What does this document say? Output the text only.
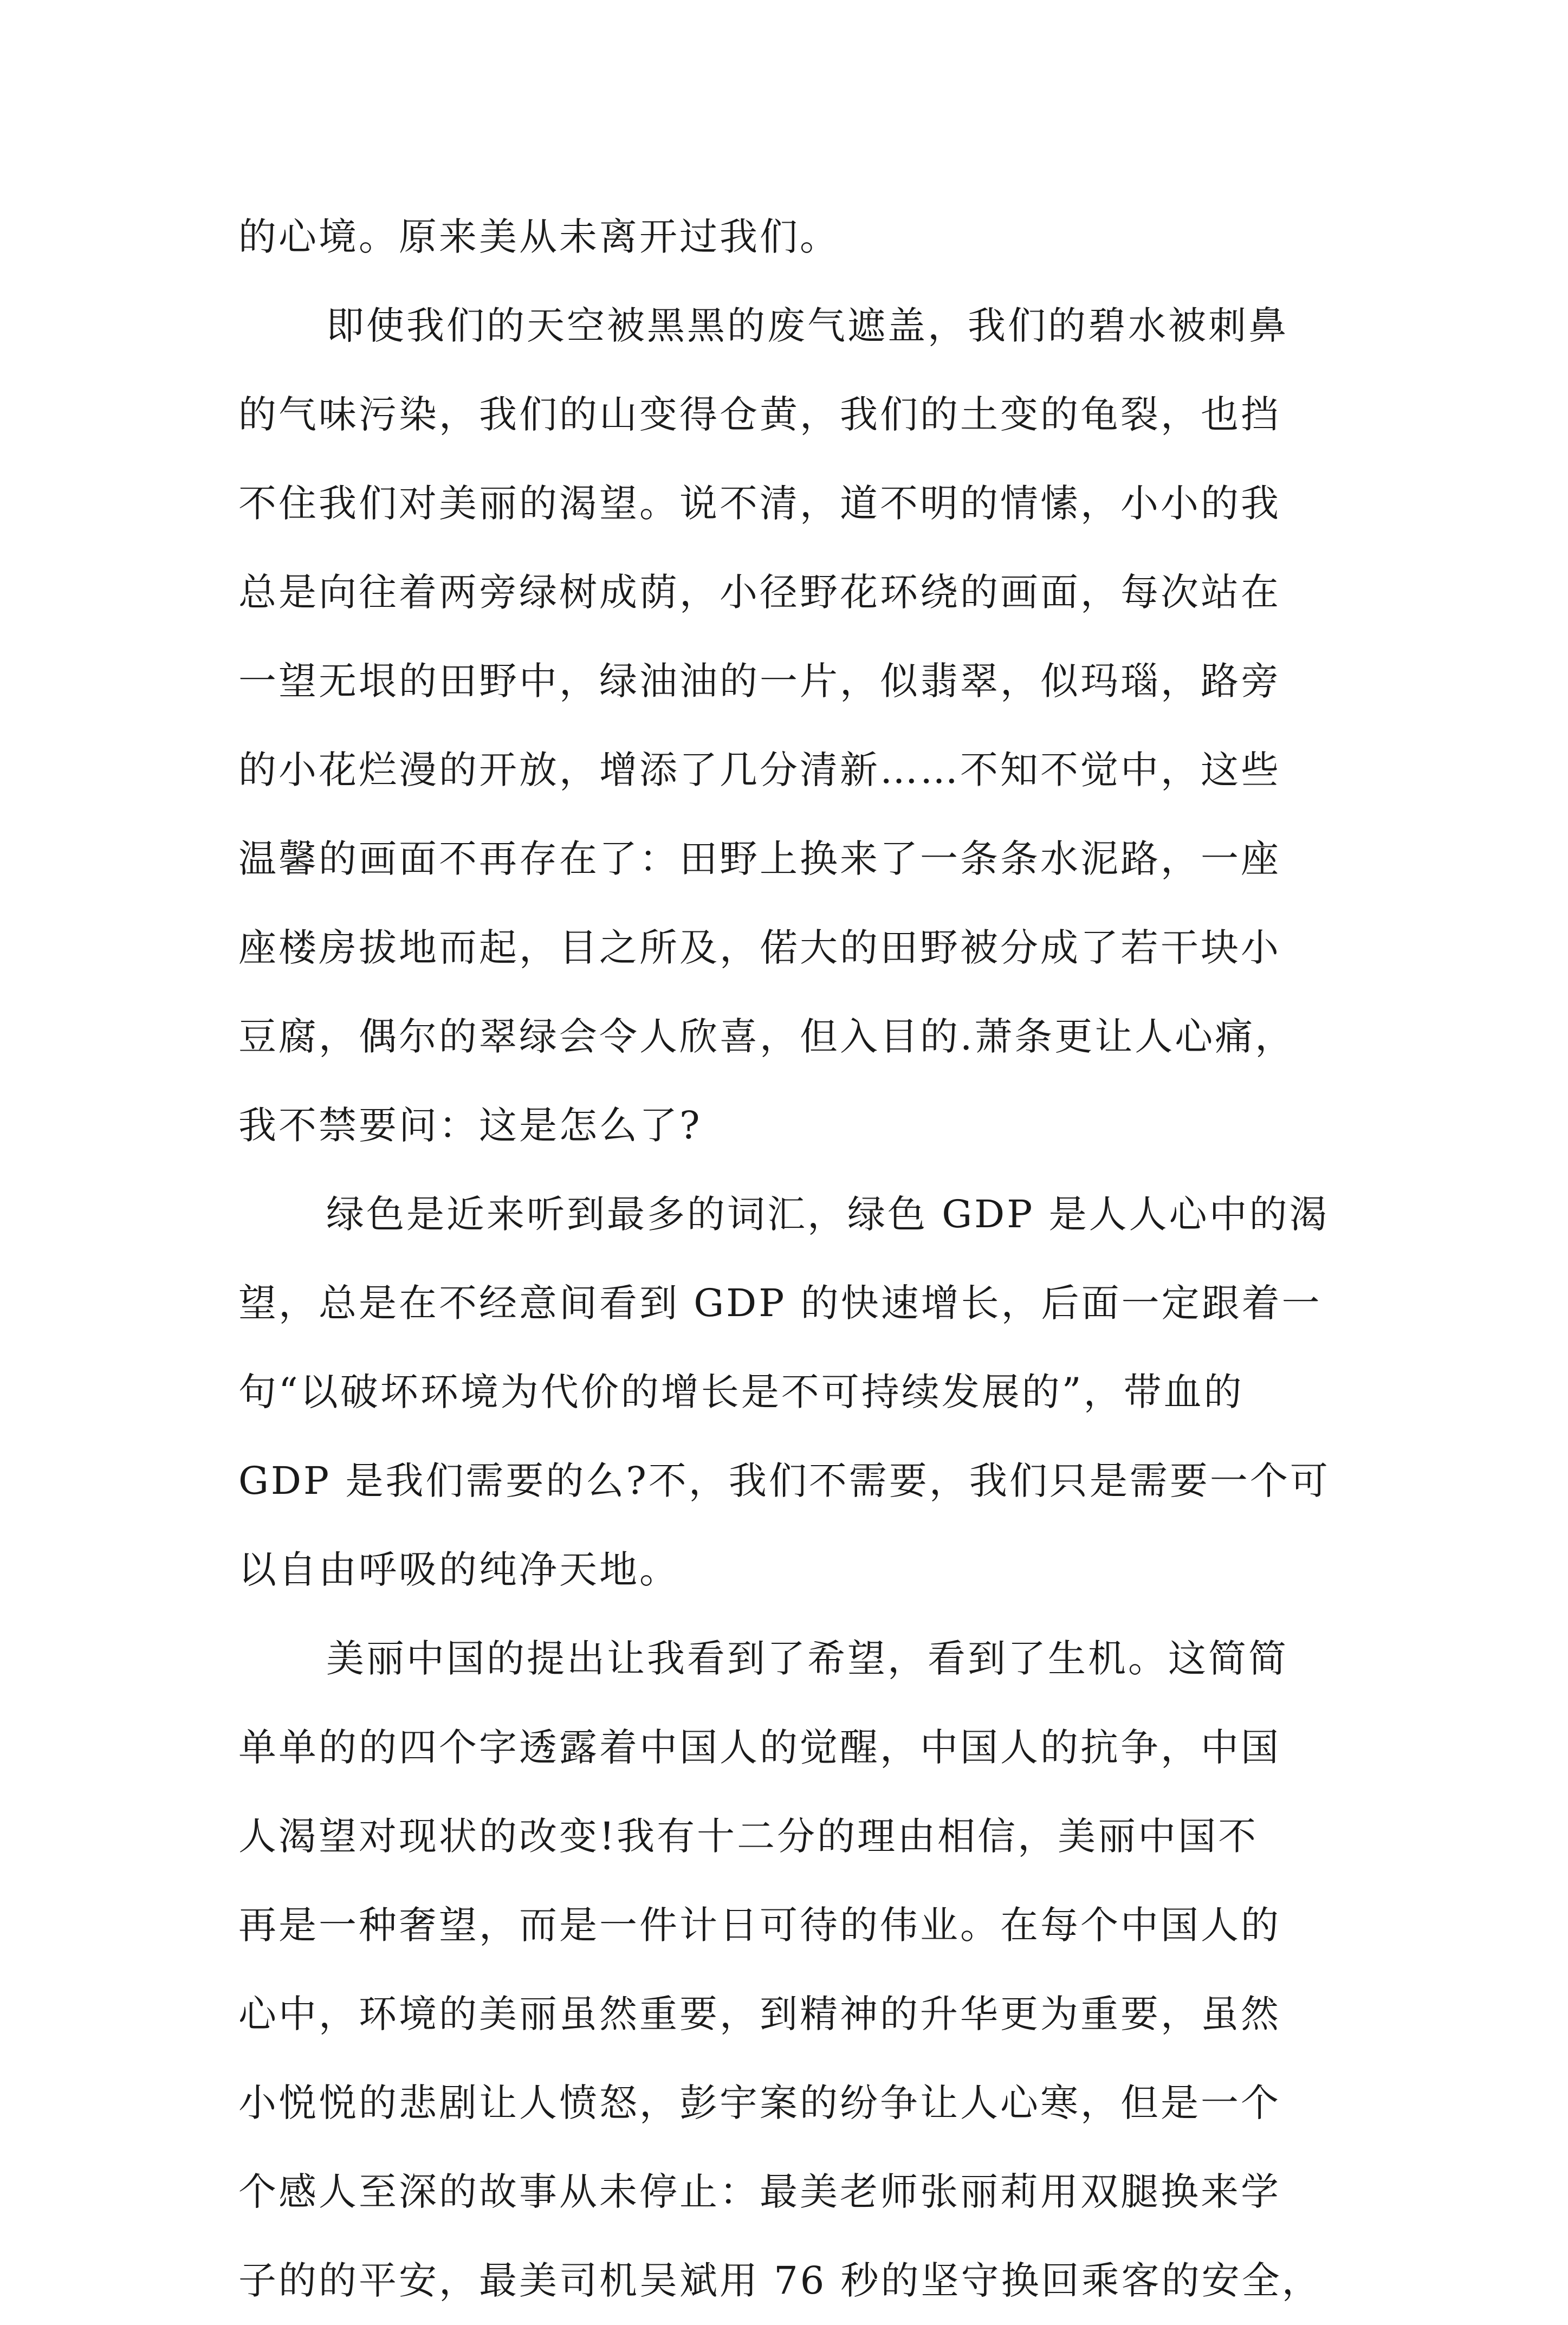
的心境。原来美从未离开过我们。
即使我们的天空被黑黑的废气遮盖，我们的碧水被刺鼻
的气味污染，我们的山变得仓黄，我们的土变的龟裂，也挡
不住我们对美丽的渴望。说不清，道不明的情愫，小小的我
总是向往着两旁绿树成荫，小径野花环绕的画面，每次站在
一望无垠的田野中，绿油油的一片，似翡翠，似玛瑙，路旁
的小花烂漫的开放，增添了几分清新……不知不觉中，这些
温馨的画面不再存在了：田野上换来了一条条水泥路，一座
座楼房拔地而起，目之所及，偌大的田野被分成了若干块小
豆腐，偶尔的翠绿会令人欣喜，但入目的.萧条更让人心痛，
我不禁要问：这是怎么了?
绿色是近来听到最多的词汇，绿色 GDP 是人人心中的渴
望，总是在不经意间看到 GDP 的快速增长，后面一定跟着一
句“以破坏环境为代价的增长是不可持续发展的”，带血的
GDP 是我们需要的么?不，我们不需要，我们只是需要一个可
以自由呼吸的纯净天地。
美丽中国的提出让我看到了希望，看到了生机。这简简
单单的的四个字透露着中国人的觉醒，中国人的抗争，中国
人渴望对现状的改变!我有十二分的理由相信，美丽中国不
再是一种奢望，而是一件计日可待的伟业。在每个中国人的
心中，环境的美丽虽然重要，到精神的升华更为重要，虽然
小悦悦的悲剧让人愤怒，彭宇案的纷争让人心寒，但是一个
个感人至深的故事从未停止：最美老师张丽莉用双腿换来学
子的的平安，最美司机吴斌用 76 秒的坚守换回乘客的安全，
